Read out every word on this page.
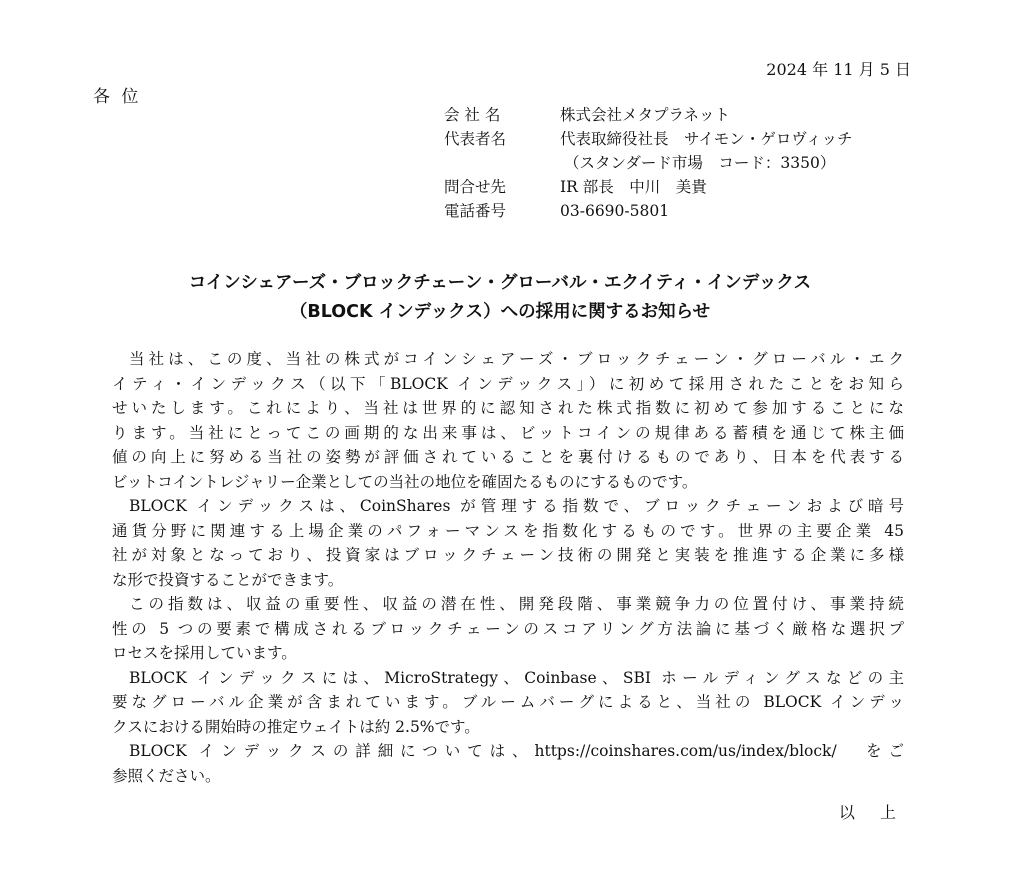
2024 年 11 月 5 日
各 位
会 社 名	株式会社メタプラネット
代表者名	代表取締役社長　サイモン・ゲロヴィッチ
（スタンダード市場　コード：3350）
問合せ先	IR 部長　中川　美貴
電話番号	03-6690-5801
コインシェアーズ・ブロックチェーン・グローバル・エクイティ・インデックス
（BLOCK インデックス）への採用に関するお知らせ
当社は、この度、当社の株式がコインシェアーズ・ブロックチェーン・グローバル・エク
イティ・インデックス（以下「BLOCK インデックス」）に初めて採用されたことをお知ら
せいたします。これにより、当社は世界的に認知された株式指数に初めて参加することにな
ります。当社にとってこの画期的な出来事は、ビットコインの規律ある蓄積を通じて株主価
値の向上に努める当社の姿勢が評価されていることを裏付けるものであり、日本を代表する
ビットコイントレジャリー企業としての当社の地位を確固たるものにするものです。
BLOCK インデックスは、CoinShares が管理する指数で、ブロックチェーンおよび暗号
通貨分野に関連する上場企業のパフォーマンスを指数化するものです。世界の主要企業 45
社が対象となっており、投資家はブロックチェーン技術の開発と実装を推進する企業に多様
な形で投資することができます。
この指数は、収益の重要性、収益の潜在性、開発段階、事業競争力の位置付け、事業持続
性の 5 つの要素で構成されるブロックチェーンのスコアリング方法論に基づく厳格な選択プ
ロセスを採用しています。
BLOCK インデックスには、MicroStrategy、Coinbase、SBI ホールディングスなどの主
要なグローバル企業が含まれています。ブルームバーグによると、当社の BLOCK インデッ
クスにおける開始時の推定ウェイトは約 2.5%です。
BLOCK インデックスの詳細については、https://coinshares.com/us/index/block/　をご
参照ください。
以 上
